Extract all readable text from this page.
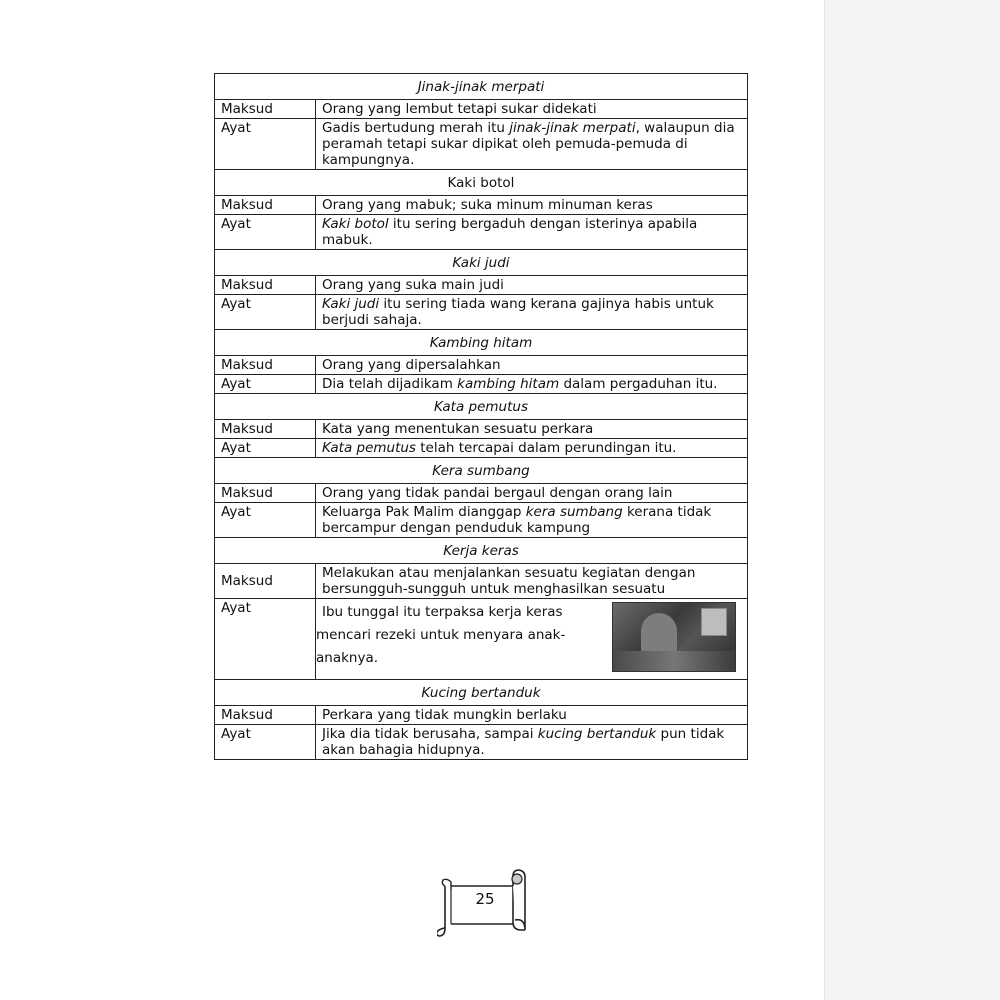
Jinak-jinak merpati	
Maksud	Orang yang lembut tetapi sukar didekati
Ayat	Gadis bertudung merah itu jinak-jinak merpati, walaupun dia peramah tetapi sukar dipikat oleh pemuda-pemuda di kampungnya.
Kaki botol	
Maksud	Orang yang mabuk; suka minum minuman keras
Ayat	Kaki botol itu sering bergaduh dengan isterinya apabila mabuk.
Kaki judi	
Maksud	Orang yang suka main judi
Ayat	Kaki judi itu sering tiada wang kerana gajinya habis untuk berjudi sahaja.
Kambing hitam	
Maksud	Orang yang dipersalahkan
Ayat	Dia telah dijadikam kambing hitam dalam pergaduhan itu.
Kata pemutus	
Maksud	Kata yang menentukan sesuatu perkara
Ayat	Kata pemutus telah tercapai dalam perundingan itu.
Kera sumbang	
Maksud	Orang yang tidak pandai bergaul dengan orang lain
Ayat	Keluarga Pak Malim dianggap kera sumbang kerana tidak bercampur dengan penduduk kampung
Kerja keras	
Maksud	Melakukan atau menjalankan sesuatu kegiatan dengan bersungguh-sungguh untuk menghasilkan sesuatu
Ayat	Ibu tunggal itu terpaksa kerja keras
mencari rezeki untuk menyara anak-
anaknya.

Kucing bertanduk	
Maksud	Perkara yang tidak mungkin berlaku
Ayat	Jika dia tidak berusaha, sampai kucing bertanduk pun tidak akan bahagia hidupnya.
25
